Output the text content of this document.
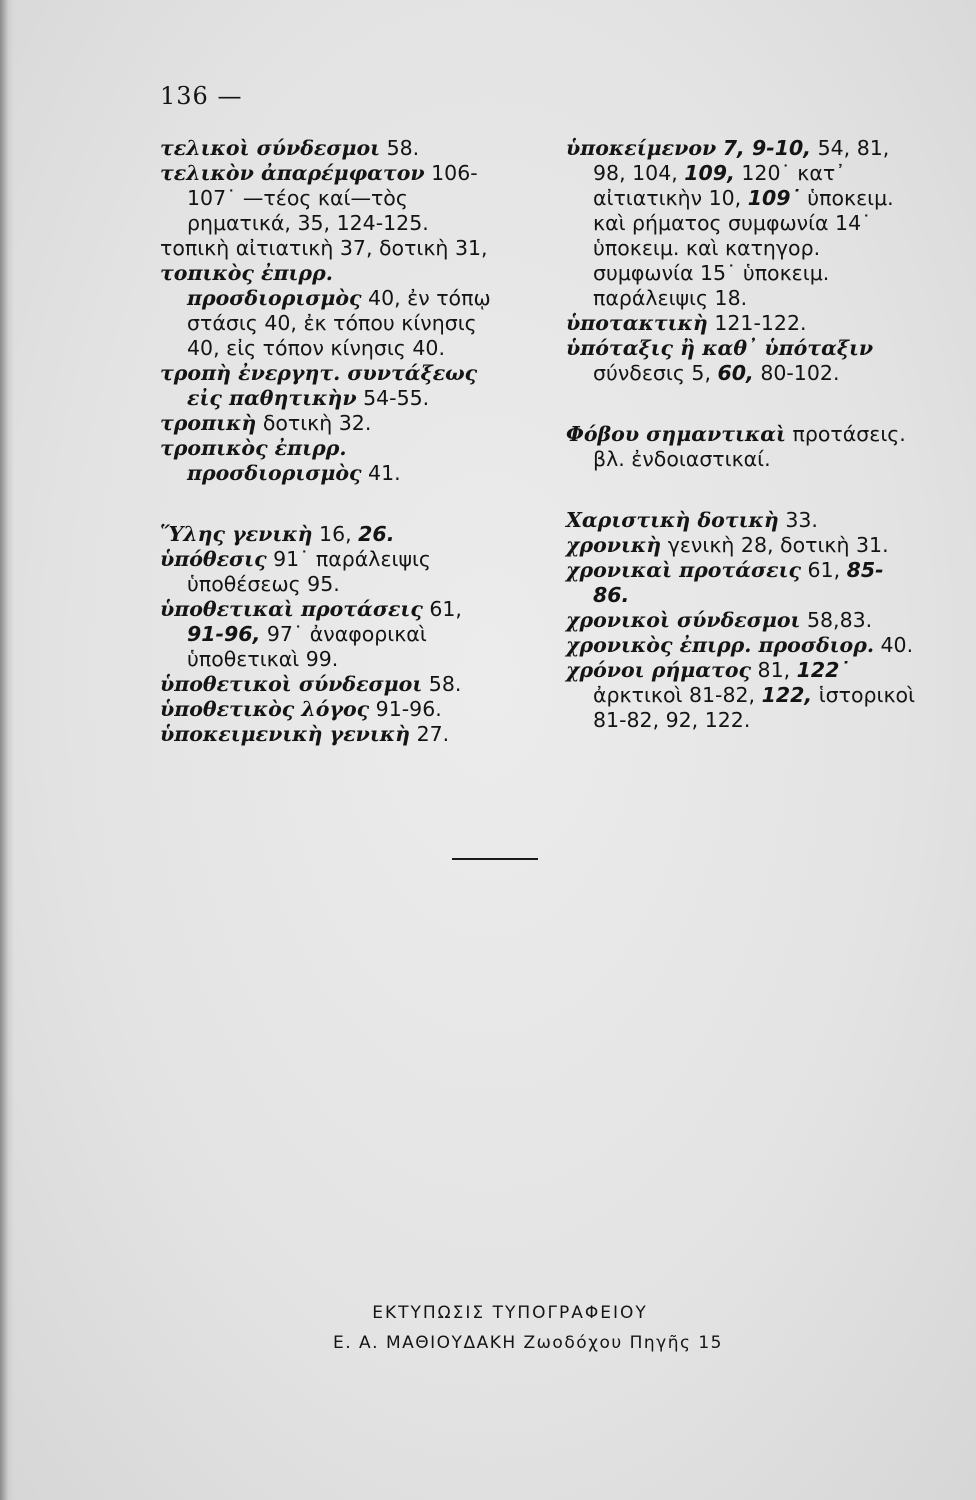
136 —

τελικοὶ σύνδεσμοι 58.

τελικὸν ἀπαρέμφατον 106-107˙ —τέος καί—τὸς ρηματικά, 35, 124-125.

τοπικὴ αἰτιατικὴ 37, δοτικὴ 31,

τοπικὸς ἐπιρρ. προσδιορισμὸς 40, ἐν τόπῳ στάσις 40, ἐκ τόπου κίνησις 40, εἰς τόπον κίνησις 40.

τροπὴ ἐνεργητ. συντάξεως εἰς παθητικὴν 54-55.

τροπικὴ δοτικὴ 32.

τροπικὸς ἐπιρρ. προσδιορισμὸς 41.

Ὕλης γενικὴ 16, 26.

ὑπόθεσις 91˙ παράλειψις ὑποθέσεως 95.

ὑποθετικαὶ προτάσεις 61, 91-96, 97˙ ἀναφορικαὶ ὑποθετικαὶ 99.

ὑποθετικοὶ σύνδεσμοι 58.

ὑποθετικὸς λόγος 91-96.

ὑποκειμενικὴ γενικὴ 27.

ὑποκείμενον 7, 9-10, 54, 81, 98, 104, 109, 120˙ κατ᾽ αἰτιατικὴν 10, 109˙ ὑποκειμ. καὶ ρήματος συμφωνία 14˙ ὑποκειμ. καὶ κατηγορ. συμφωνία 15˙ ὑποκειμ. παράλειψις 18.

ὑποτακτικὴ 121-122.

ὑπόταξις ἢ καθ᾽ ὑπόταξιν σύνδεσις 5, 60, 80-102.

Φόβου σημαντικαὶ προτάσεις. βλ. ἐνδοιαστικαί.

Χαριστικὴ δοτικὴ 33.

χρονικὴ γενικὴ 28, δοτικὴ 31.

χρονικαὶ προτάσεις 61, 85-86.

χρονικοὶ σύνδεσμοι 58,83.

χρονικὸς ἐπιρρ. προσδιορ. 40.

χρόνοι ρήματος 81, 122˙ ἀρκτικοὶ 81-82, 122, ἱστορικοὶ 81-82, 92, 122.

ΕΚΤΥΠΩΣΙΣ ΤΥΠΟΓΡΑΦΕΙΟΥ
Ε. Α. ΜΑΘΙΟΥΔΑΚΗ Ζωοδόχου Πηγῆς 15
